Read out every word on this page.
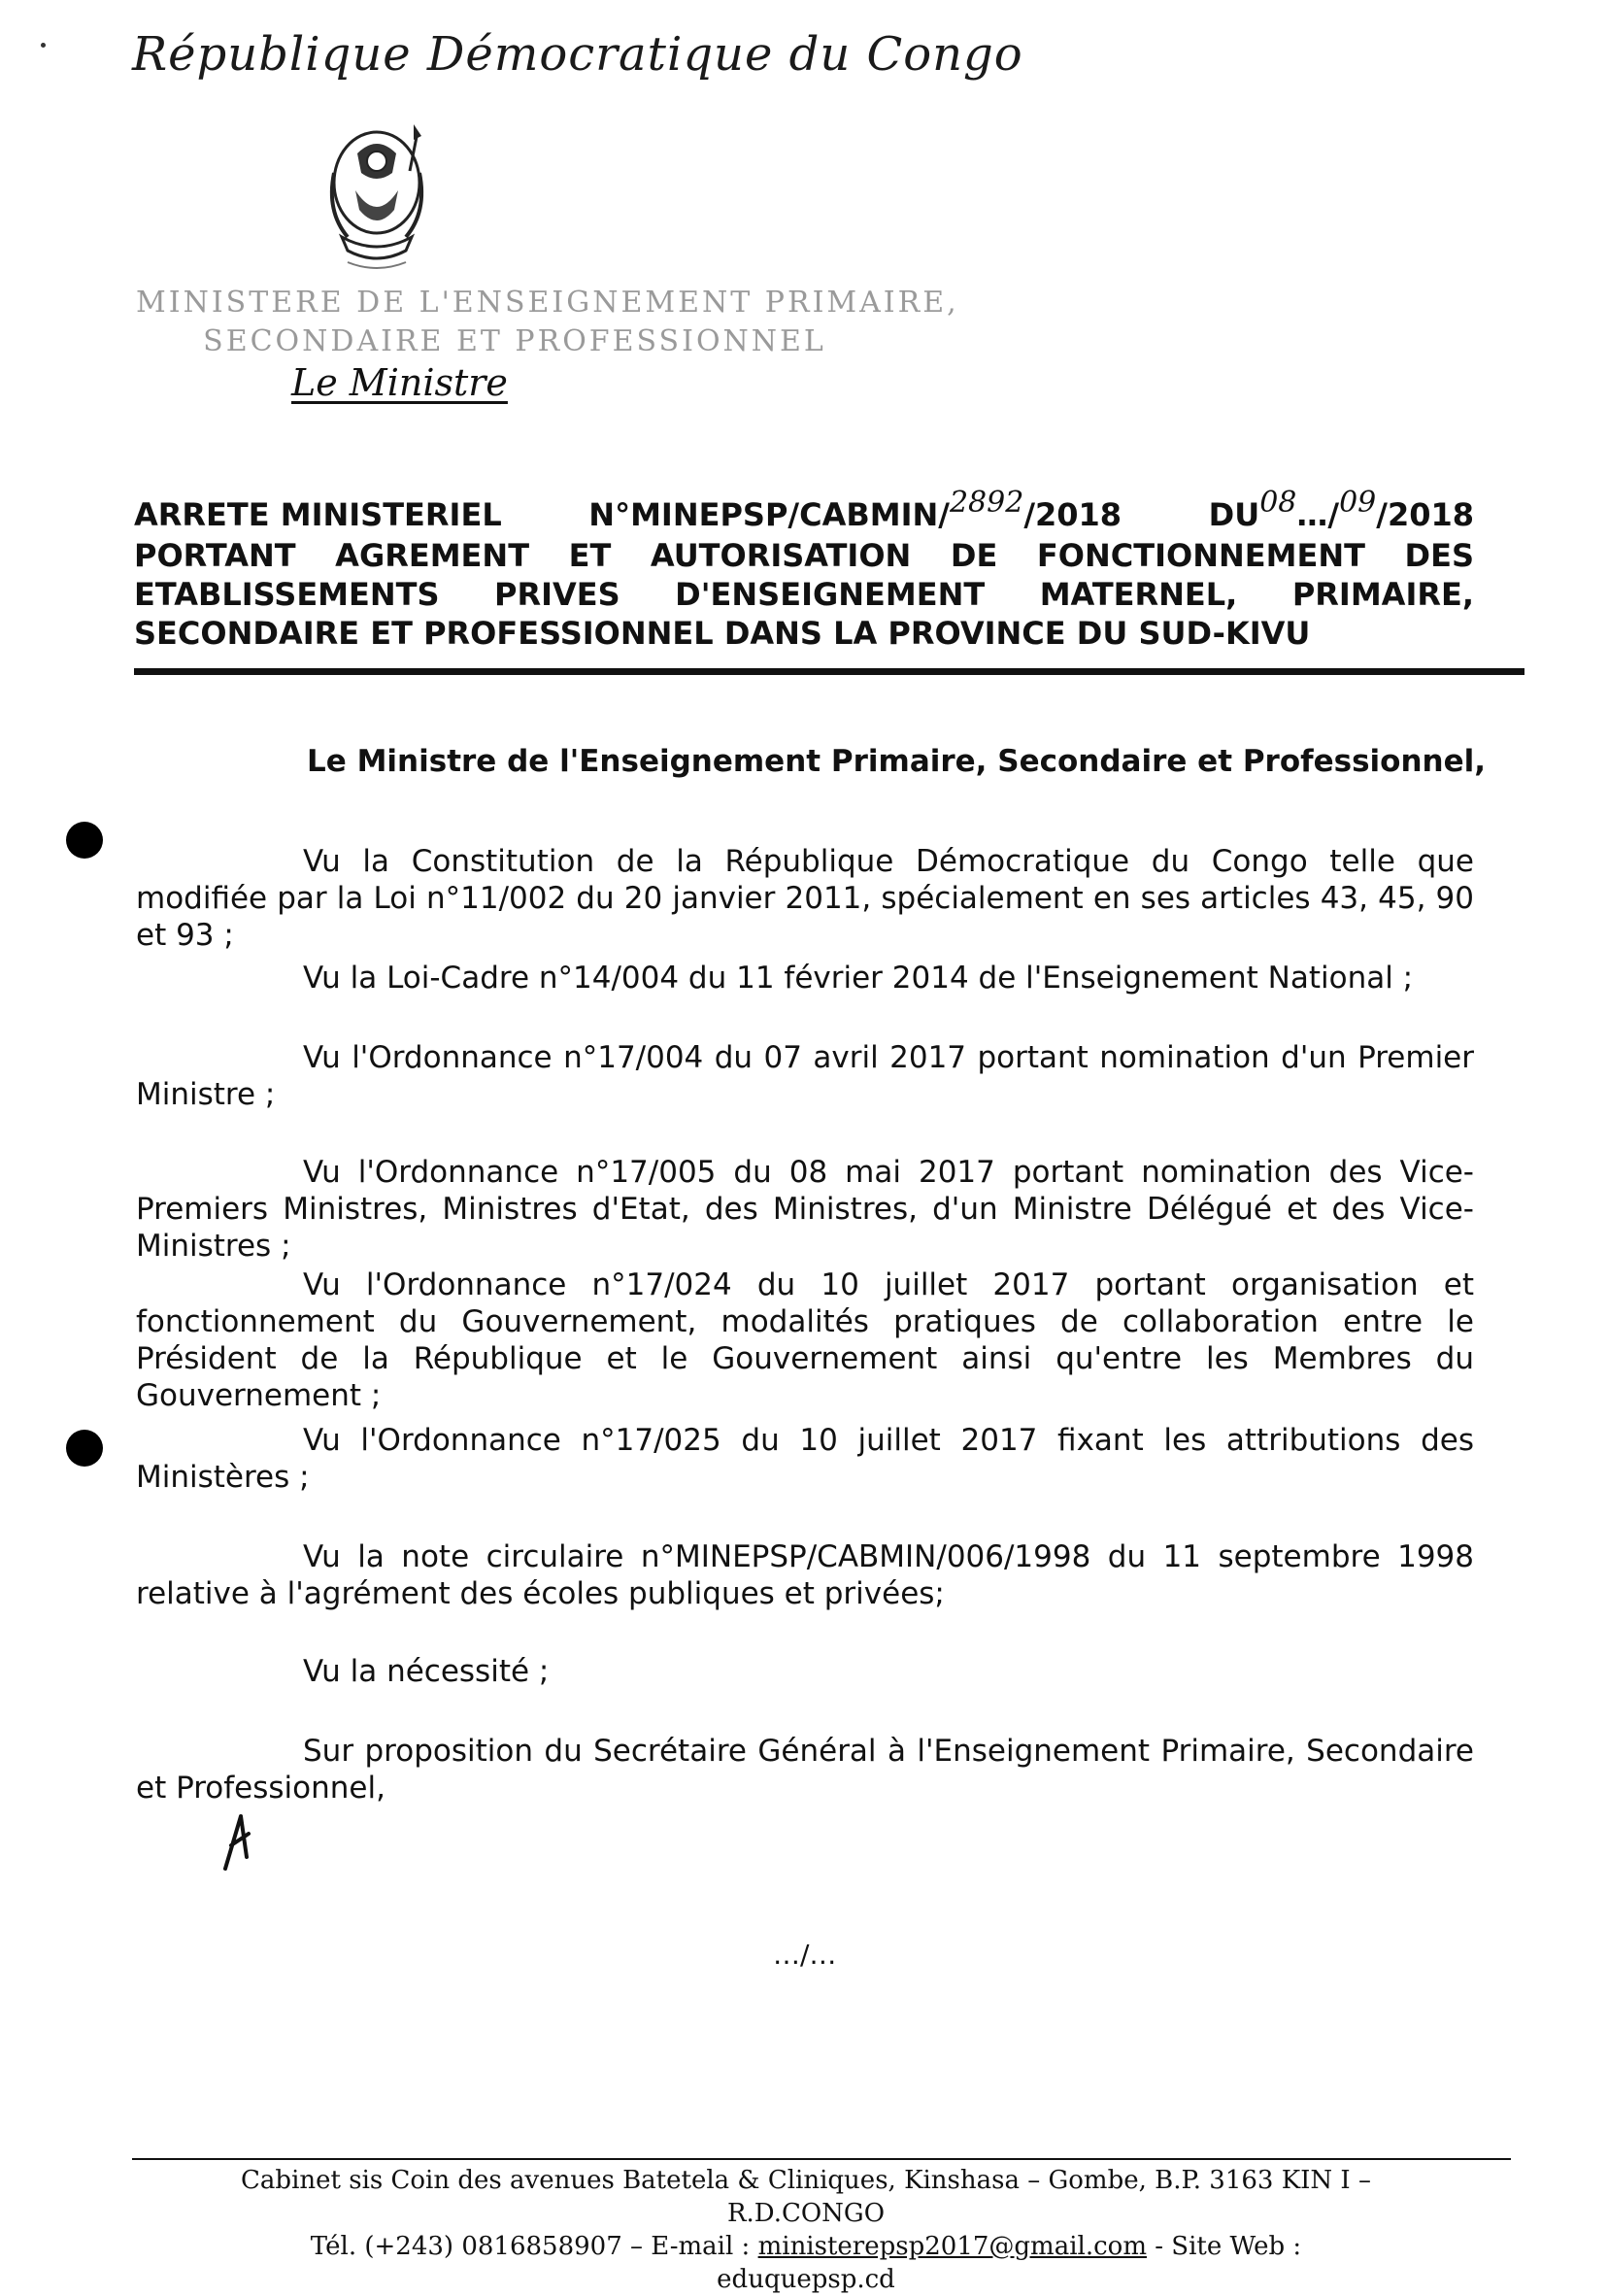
République Démocratique du Congo
MINISTERE DE L'ENSEIGNEMENT PRIMAIRE,
SECONDAIRE ET PROFESSIONNEL
Le Ministre
ARRETE MINISTERIEL	N°MINEPSP/CABMIN/2892/2018	DU08…/09/2018
PORTANT AGREMENT ET AUTORISATION DE FONCTIONNEMENT DES
ETABLISSEMENTS PRIVES D'ENSEIGNEMENT MATERNEL, PRIMAIRE,
SECONDAIRE ET PROFESSIONNEL DANS LA PROVINCE DU SUD-KIVU
Le Ministre de l'Enseignement Primaire, Secondaire et Professionnel,
Vu la Constitution de la République Démocratique du Congo telle que modifiée par la Loi n°11/002 du 20 janvier 2011, spécialement en ses articles 43, 45, 90 et 93 ;
Vu la Loi-Cadre n°14/004 du 11 février 2014 de l'Enseignement National ;
Vu l'Ordonnance n°17/004 du 07 avril 2017 portant nomination d'un Premier Ministre ;
Vu l'Ordonnance n°17/005 du 08 mai 2017 portant nomination des Vice-Premiers Ministres, Ministres d'Etat, des Ministres, d'un Ministre Délégué et des Vice-Ministres ;
Vu l'Ordonnance n°17/024 du 10 juillet 2017 portant organisation et fonctionnement du Gouvernement, modalités pratiques de collaboration entre le Président de la République et le Gouvernement ainsi qu'entre les Membres du Gouvernement ;
Vu l'Ordonnance n°17/025 du 10 juillet 2017 fixant les attributions des Ministères ;
Vu la note circulaire n°MINEPSP/CABMIN/006/1998 du 11 septembre 1998 relative à l'agrément des écoles publiques et privées;
Vu la nécessité ;
Sur proposition du Secrétaire Général à l'Enseignement Primaire, Secondaire et Professionnel,
…/…
Cabinet sis Coin des avenues Batetela & Cliniques, Kinshasa – Gombe, B.P. 3163 KIN I – R.D.CONGO
Tél. (+243) 0816858907 – E-mail : ministerepsp2017@gmail.com - Site Web : eduquepsp.cd
